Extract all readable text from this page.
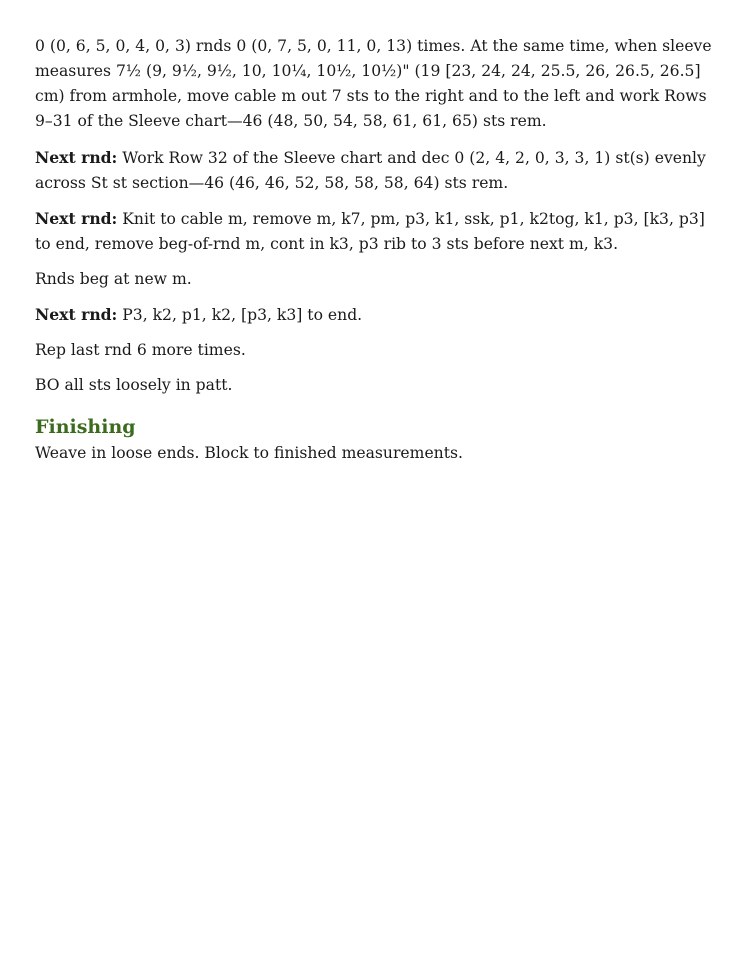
0 (0, 6, 5, 0, 4, 0, 3) rnds 0 (0, 7, 5, 0, 11, 0, 13) times. At the same time, when sleeve measures 7½ (9, 9½, 9½, 10, 10¼, 10½, 10½)" (19 [23, 24, 24, 25.5, 26, 26.5, 26.5] cm) from armhole, move cable m out 7 sts to the right and to the left and work Rows 9–31 of the Sleeve chart—46 (48, 50, 54, 58, 61, 61, 65) sts rem.

Next rnd: Work Row 32 of the Sleeve chart and dec 0 (2, 4, 2, 0, 3, 3, 1) st(s) evenly across St st section—46 (46, 46, 52, 58, 58, 58, 64) sts rem.

Next rnd: Knit to cable m, remove m, k7, pm, p3, k1, ssk, p1, k2tog, k1, p3, [k3, p3] to end, remove beg-of-rnd m, cont in k3, p3 rib to 3 sts before next m, k3.

Rnds beg at new m.

Next rnd: P3, k2, p1, k2, [p3, k3] to end.

Rep last rnd 6 more times.

BO all sts loosely in patt.

Finishing

Weave in loose ends. Block to finished measurements.
